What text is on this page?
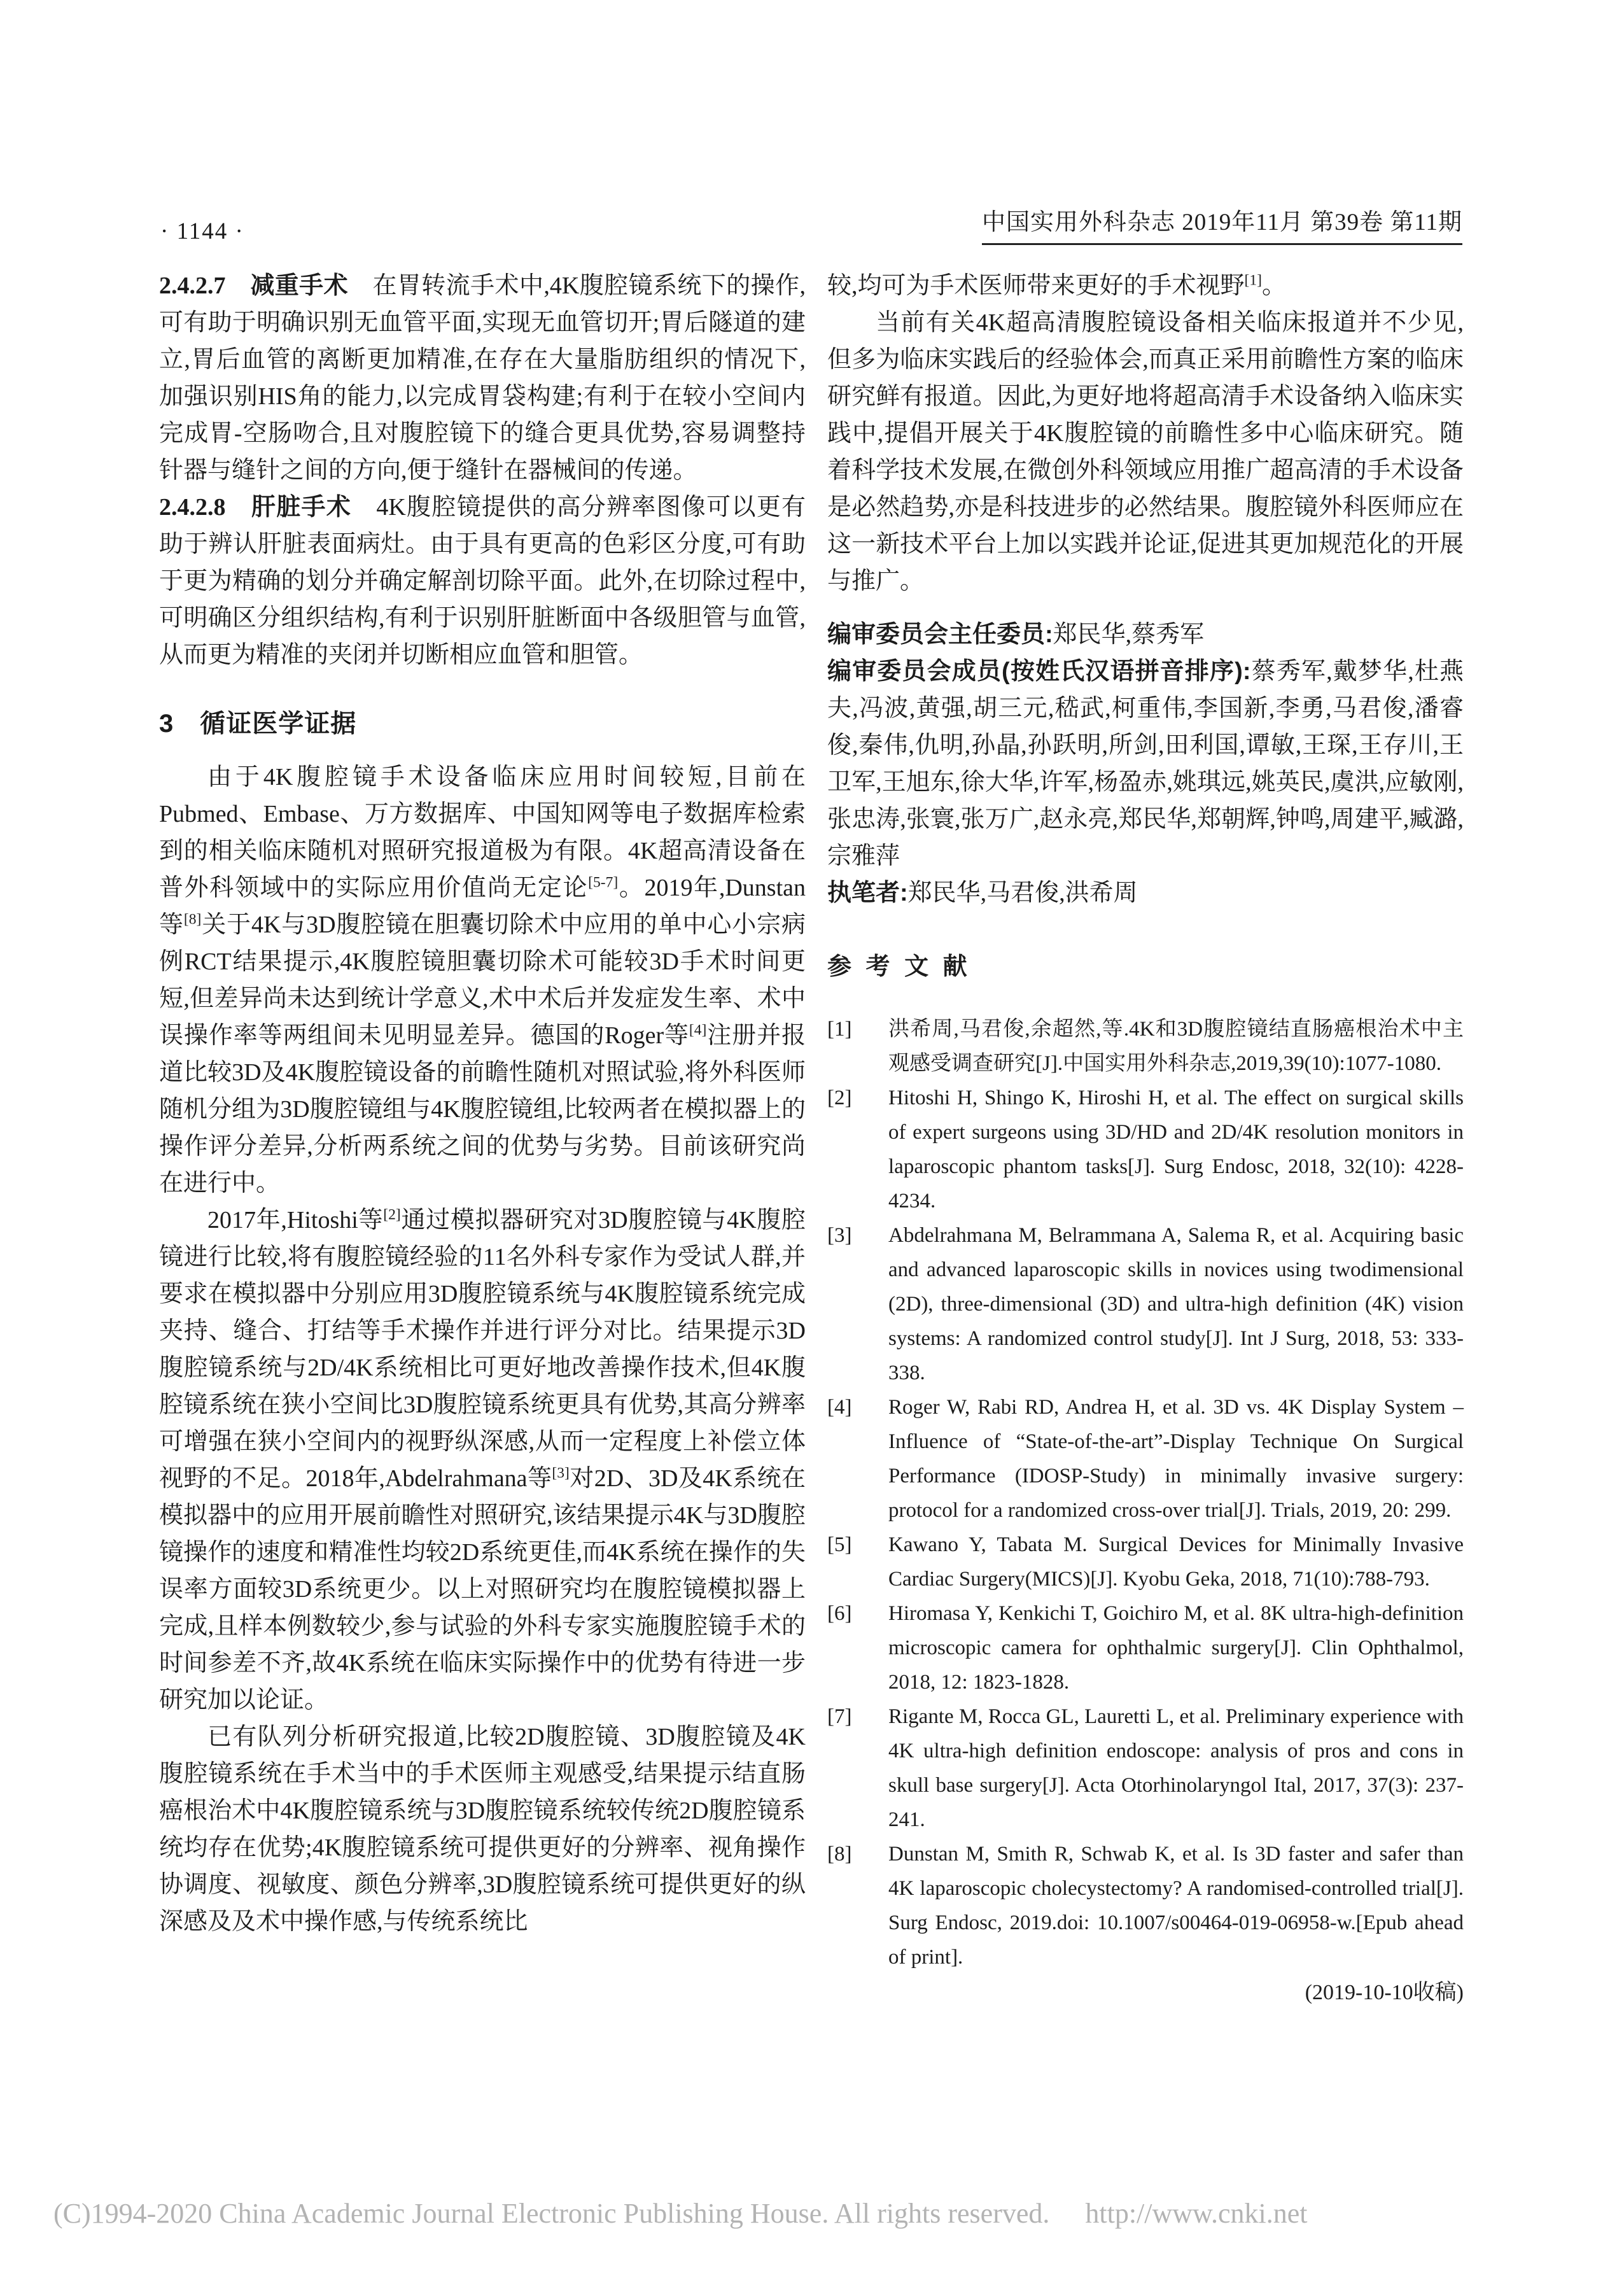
· 1144 ·	中国实用外科杂志 2019年11月 第39卷 第11期

2.4.2.7　 减重手术　 在胃转流手术中,4K腹腔镜系统下的操作,可有助于明确识别无血管平面,实现无血管切开;胃后隧道的建立,胃后血管的离断更加精准,在存在大量脂肪组织的情况下,加强识别HIS角的能力,以完成胃袋构建;有利于在较小空间内完成胃-空肠吻合,且对腹腔镜下的缝合更具优势,容易调整持针器与缝针之间的方向,便于缝针在器械间的传递。

2.4.2.8　 肝脏手术　 4K腹腔镜提供的高分辨率图像可以更有助于辨认肝脏表面病灶。由于具有更高的色彩区分度,可有助于更为精确的划分并确定解剖切除平面。此外,在切除过程中,可明确区分组织结构,有利于识别肝脏断面中各级胆管与血管,从而更为精准的夹闭并切断相应血管和胆管。

3　循证医学证据

由于4K腹腔镜手术设备临床应用时间较短,目前在Pubmed、Embase、万方数据库、中国知网等电子数据库检索到的相关临床随机对照研究报道极为有限。4K超高清设备在普外科领域中的实际应用价值尚无定论[5-7]。2019年,Dunstan等[8]关于4K与3D腹腔镜在胆囊切除术中应用的单中心小宗病例RCT结果提示,4K腹腔镜胆囊切除术可能较3D手术时间更短,但差异尚未达到统计学意义,术中术后并发症发生率、术中误操作率等两组间未见明显差异。德国的Roger等[4]注册并报道比较3D及4K腹腔镜设备的前瞻性随机对照试验,将外科医师随机分组为3D腹腔镜组与4K腹腔镜组,比较两者在模拟器上的操作评分差异,分析两系统之间的优势与劣势。目前该研究尚在进行中。

2017年,Hitoshi等[2]通过模拟器研究对3D腹腔镜与4K腹腔镜进行比较,将有腹腔镜经验的11名外科专家作为受试人群,并要求在模拟器中分别应用3D腹腔镜系统与4K腹腔镜系统完成夹持、缝合、打结等手术操作并进行评分对比。结果提示3D腹腔镜系统与2D/4K系统相比可更好地改善操作技术,但4K腹腔镜系统在狭小空间比3D腹腔镜系统更具有优势,其高分辨率可增强在狭小空间内的视野纵深感,从而一定程度上补偿立体视野的不足。2018年,Abdelrahmana等[3]对2D、3D及4K系统在模拟器中的应用开展前瞻性对照研究,该结果提示4K与3D腹腔镜操作的速度和精准性均较2D系统更佳,而4K系统在操作的失误率方面较3D系统更少。以上对照研究均在腹腔镜模拟器上完成,且样本例数较少,参与试验的外科专家实施腹腔镜手术的时间参差不齐,故4K系统在临床实际操作中的优势有待进一步研究加以论证。

已有队列分析研究报道,比较2D腹腔镜、3D腹腔镜及4K腹腔镜系统在手术当中的手术医师主观感受,结果提示结直肠癌根治术中4K腹腔镜系统与3D腹腔镜系统较传统2D腹腔镜系统均存在优势;4K腹腔镜系统可提供更好的分辨率、视角操作协调度、视敏度、颜色分辨率,3D腹腔镜系统可提供更好的纵深感及及术中操作感,与传统系统比

较,均可为手术医师带来更好的手术视野[1]。

当前有关4K超高清腹腔镜设备相关临床报道并不少见,但多为临床实践后的经验体会,而真正采用前瞻性方案的临床研究鲜有报道。因此,为更好地将超高清手术设备纳入临床实践中,提倡开展关于4K腹腔镜的前瞻性多中心临床研究。随着科学技术发展,在微创外科领域应用推广超高清的手术设备是必然趋势,亦是科技进步的必然结果。腹腔镜外科医师应在这一新技术平台上加以实践并论证,促进其更加规范化的开展与推广。

编审委员会主任委员:郑民华,蔡秀军

编审委员会成员(按姓氏汉语拼音排序):蔡秀军,戴梦华,杜燕夫,冯波,黄强,胡三元,嵇武,柯重伟,李国新,李勇,马君俊,潘睿俊,秦伟,仇明,孙晶,孙跃明,所剑,田利国,谭敏,王琛,王存川,王卫军,王旭东,徐大华,许军,杨盈赤,姚琪远,姚英民,虞洪,应敏刚,张忠涛,张寰,张万广,赵永亮,郑民华,郑朝辉,钟鸣,周建平,臧潞,宗雅萍

执笔者:郑民华,马君俊,洪希周

参 考 文 献

[1]	洪希周,马君俊,余超然,等.4K和3D腹腔镜结直肠癌根治术中主观感受调查研究[J].中国实用外科杂志,2019,39(10):1077-1080.

[2]	Hitoshi H, Shingo K, Hiroshi H, et al. The effect on surgical skills of expert surgeons using 3D/HD and 2D/4K resolution monitors in laparoscopic phantom tasks[J]. Surg Endosc, 2018, 32(10): 4228-4234.

[3]	Abdelrahmana M, Belrammana A, Salema R, et al. Acquiring basic and advanced laparoscopic skills in novices using twodimensional (2D), three-dimensional (3D) and ultra-high definition (4K) vision systems: A randomized control study[J]. Int J Surg, 2018, 53: 333-338.

[4]	Roger W, Rabi RD, Andrea H, et al. 3D vs. 4K Display System – Influence of “State-of-the-art”-Display Technique On Surgical Performance (IDOSP-Study) in minimally invasive surgery: protocol for a randomized cross-over trial[J]. Trials, 2019, 20: 299.

[5]	Kawano Y, Tabata M. Surgical Devices for Minimally Invasive Cardiac Surgery(MICS)[J]. Kyobu Geka, 2018, 71(10):788-793.

[6]	Hiromasa Y, Kenkichi T, Goichiro M, et al. 8K ultra-high-definition microscopic camera for ophthalmic surgery[J]. Clin Ophthalmol, 2018, 12: 1823-1828.

[7]	Rigante M, Rocca GL, Lauretti L, et al. Preliminary experience with 4K ultra-high definition endoscope: analysis of pros and cons in skull base surgery[J]. Acta Otorhinolaryngol Ital, 2017, 37(3): 237-241.

[8]	Dunstan M, Smith R, Schwab K, et al. Is 3D faster and safer than 4K laparoscopic cholecystectomy? A randomised-controlled trial[J]. Surg Endosc, 2019.doi: 10.1007/s00464-019-06958-w.[Epub ahead of print].

(2019-10-10收稿)

(C)1994-2020 China Academic Journal Electronic Publishing House. All rights reserved. http://www.cnki.net
